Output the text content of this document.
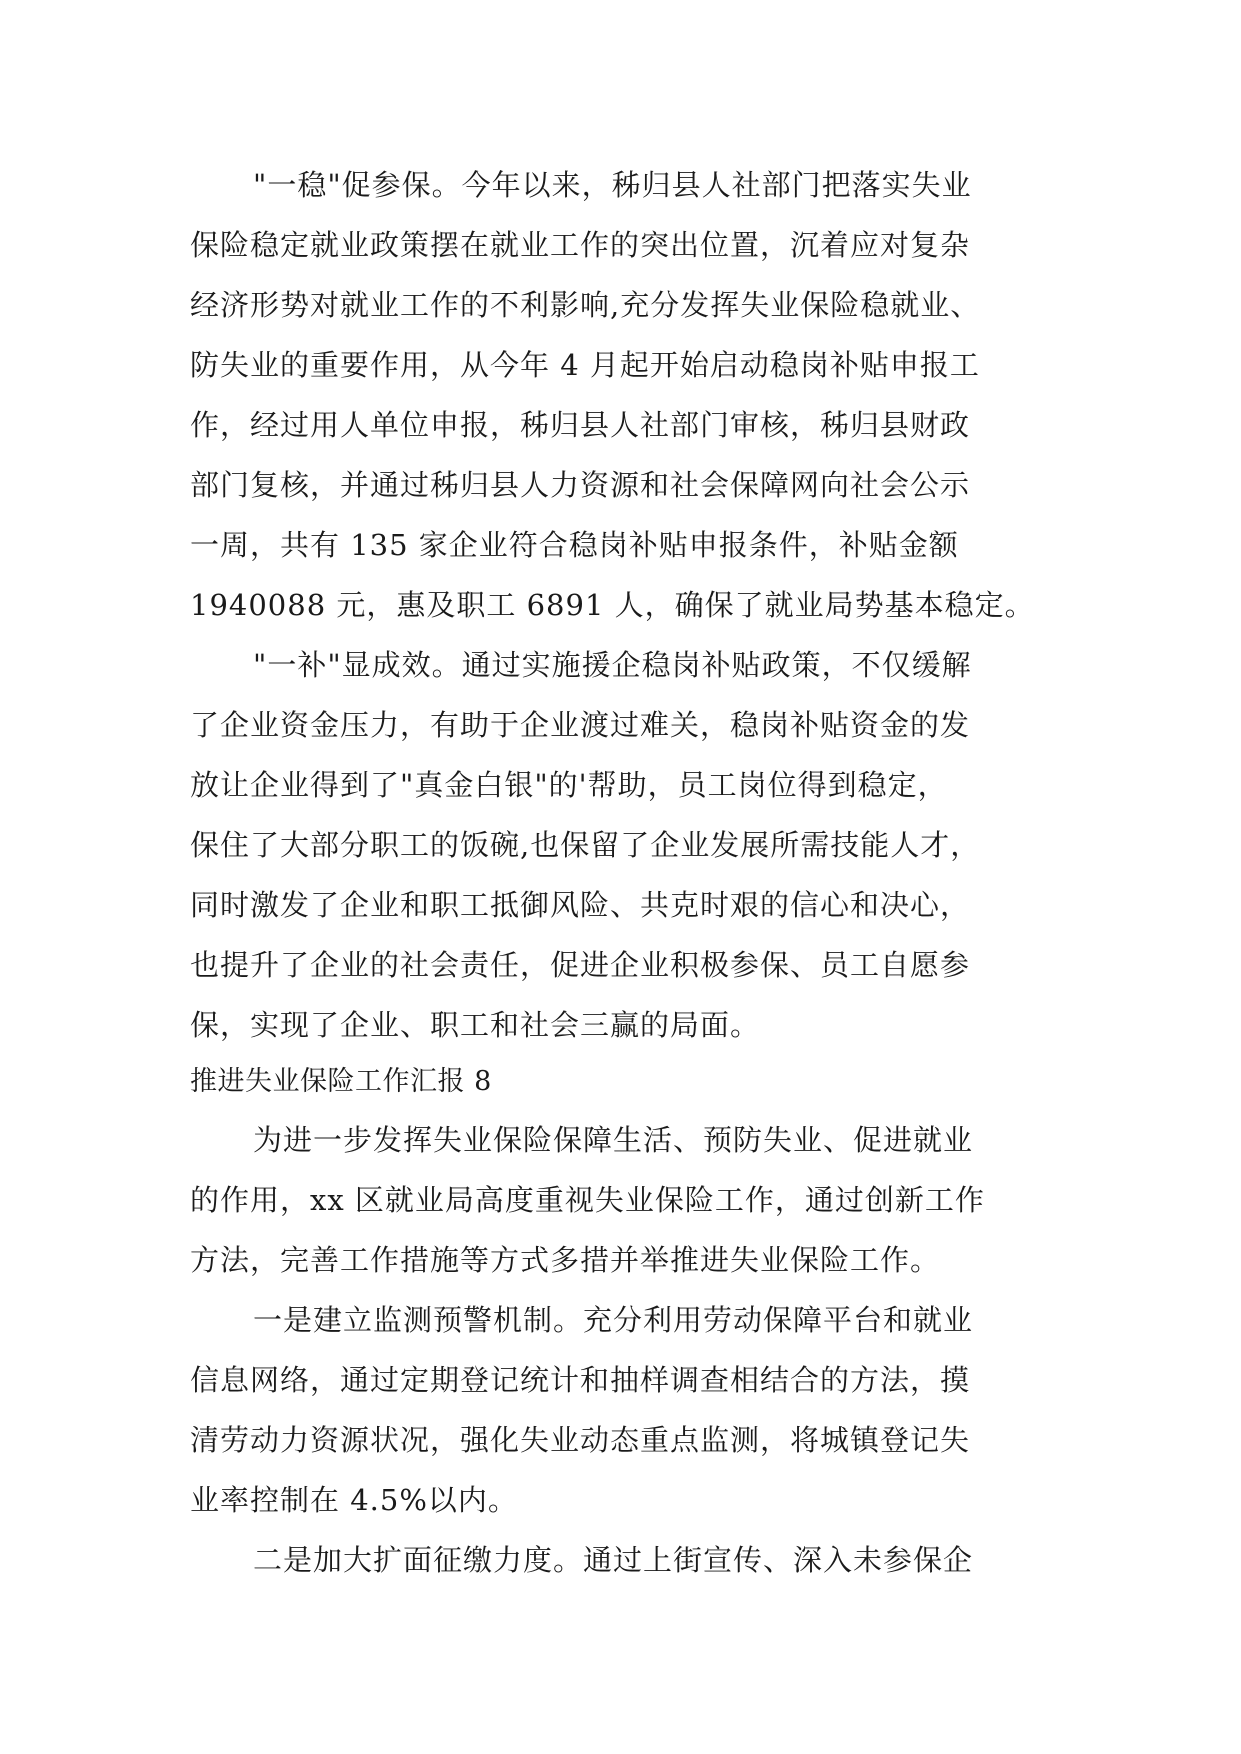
"一稳"促参保。今年以来，秭归县人社部门把落实失业
保险稳定就业政策摆在就业工作的突出位置，沉着应对复杂
经济形势对就业工作的不利影响,充分发挥失业保险稳就业、
防失业的重要作用，从今年 4 月起开始启动稳岗补贴申报工
作，经过用人单位申报，秭归县人社部门审核，秭归县财政
部门复核，并通过秭归县人力资源和社会保障网向社会公示
一周，共有 135 家企业符合稳岗补贴申报条件，补贴金额
1940088 元，惠及职工 6891 人，确保了就业局势基本稳定。
"一补"显成效。通过实施援企稳岗补贴政策，不仅缓解
了企业资金压力，有助于企业渡过难关，稳岗补贴资金的发
放让企业得到了"真金白银"的'帮助，员工岗位得到稳定，
保住了大部分职工的饭碗,也保留了企业发展所需技能人才，
同时激发了企业和职工抵御风险、共克时艰的信心和决心，
也提升了企业的社会责任，促进企业积极参保、员工自愿参
保，实现了企业、职工和社会三赢的局面。
推进失业保险工作汇报 8
为进一步发挥失业保险保障生活、预防失业、促进就业
的作用，xx 区就业局高度重视失业保险工作，通过创新工作
方法，完善工作措施等方式多措并举推进失业保险工作。
一是建立监测预警机制。充分利用劳动保障平台和就业
信息网络，通过定期登记统计和抽样调查相结合的方法，摸
清劳动力资源状况，强化失业动态重点监测，将城镇登记失
业率控制在 4.5%以内。
二是加大扩面征缴力度。通过上街宣传、深入未参保企
